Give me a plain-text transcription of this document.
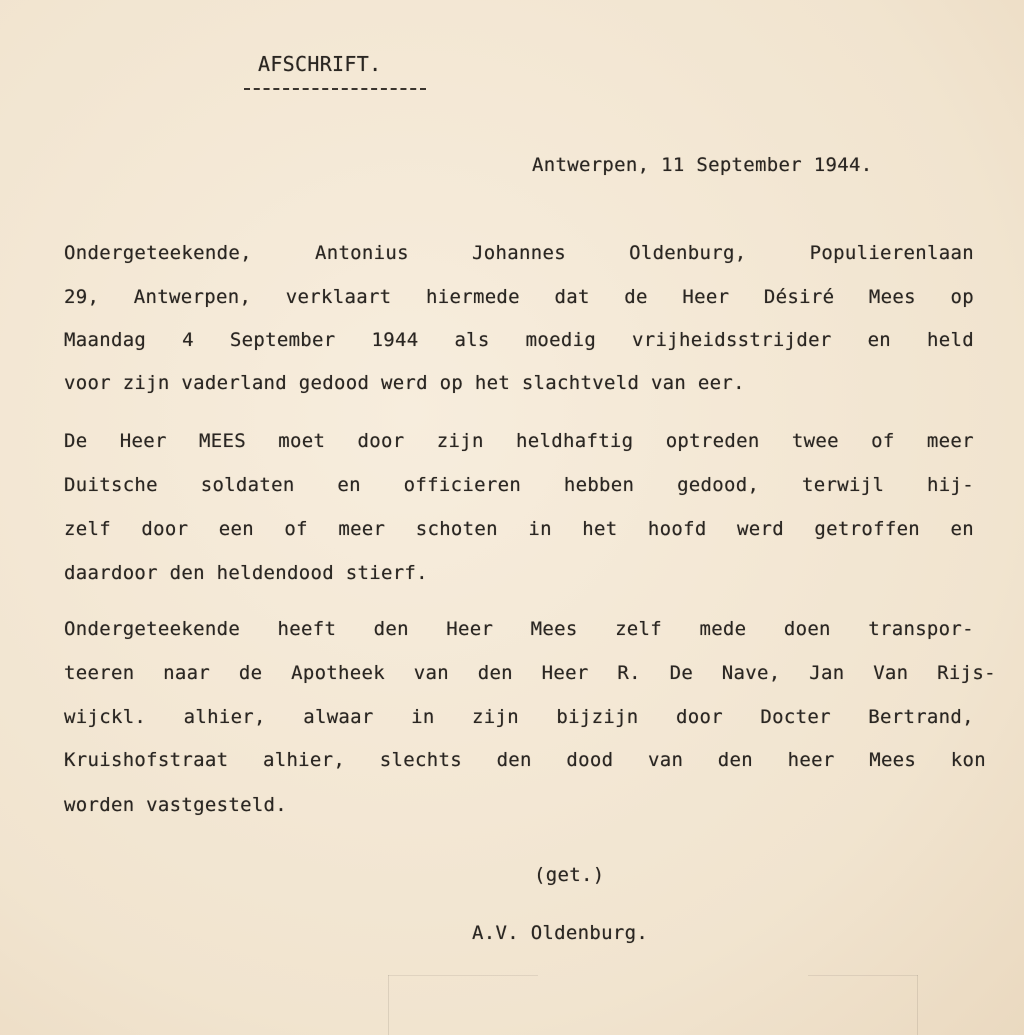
AFSCHRIFT.
Antwerpen, 11 September 1944.
Ondergeteekende,	Antonius	Johannes	Oldenburg,	Populierenlaan
29, Antwerpen, verklaart hiermede dat de Heer Désiré Mees op
Maandag 4 September 1944 als moedig vrijheidsstrijder en held
voor zijn vaderland gedood werd op het slachtveld van eer.
De Heer MEES moet door zijn heldhaftig optreden twee of meer
Duitsche soldaten en officieren hebben gedood, terwijl hij-
zelf door een of meer schoten in het hoofd werd getroffen en
daardoor den heldendood stierf.
Ondergeteekende heeft den Heer Mees zelf mede doen transpor-
teeren naar de Apotheek van den Heer R. De Nave, Jan Van Rijs-
wijckl. alhier, alwaar in zijn bijzijn door Docter Bertrand,
Kruishofstraat alhier, slechts den dood van den heer Mees kon
worden vastgesteld.
(get.)
A.V. Oldenburg.
